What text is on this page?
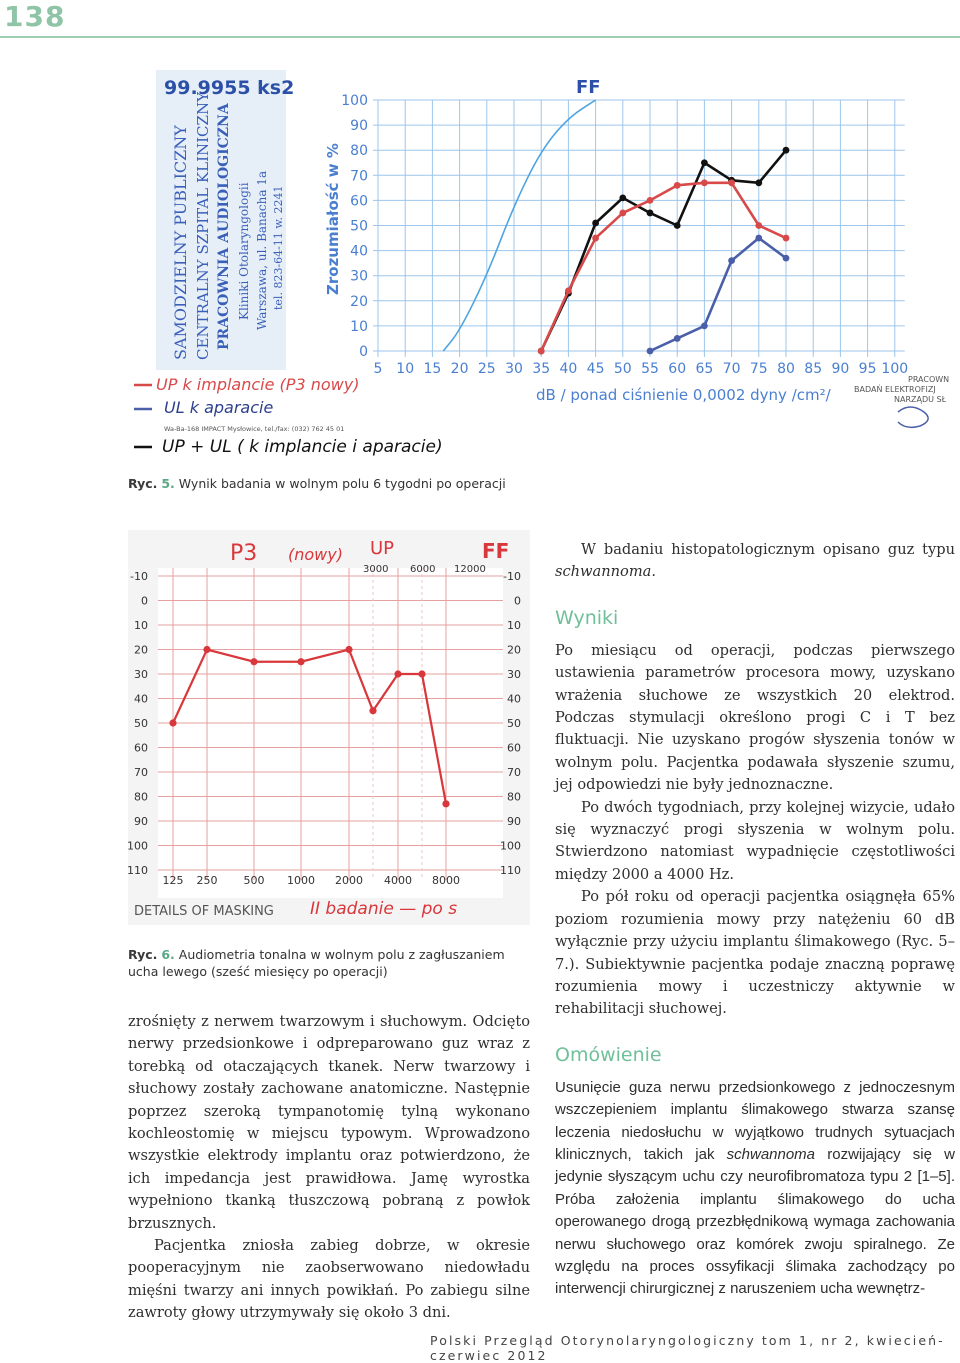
138
99.9955 ks2
SAMODZIELNY PUBLICZNY CENTRALNY SZPITAL KLINICZNY PRACOWNIA AUDIOLOGICZNA Kliniki Otolaryngologii Warszawa, ul. Banacha 1a tel. 823-64-11 w. 2241	Zrozumiałość w %
dB / ponad ciśnienie 0,0002 dyny /cm²/
FF
0
10
20
30
40
50
60
70
80
90
100
5 10 15 20 25 30 35 40 45 50 55 60 65 70 75 80 85 90 95 100
UP k implancie (P3 nowy)
UL k aparacie
Wa-Ba-168 IMPACT Mysłowice, tel./fax: (032) 762 45 01
UP + UL ( k implancie i aparacie)
PRACOWN
BADAŃ ELEKTROFIZJ
NARZĄDU SŁ
Ryc. 5. Wynik badania w wolnym polu 6 tygodni po operacji
-10	-10
0	0
10	10
20	20
30	30
40	40
50	50
60	60
70	70
80	80
90	90
100	100
110	110
125 250 500 1000 2000 4000 8000
P3 (nowy) UP	FF
3000 6000 12000
DETAILS OF MASKING II badanie — po s
Ryc. 6. Audiometria tonalna w wolnym polu z zagłuszaniem ucha lewego (sześć miesięcy po operacji)

zrośnięty z nerwem twarzowym i słuchowym. Odcięto nerwy przedsionkowe i odpreparowano guz wraz z torebką od otaczających tkanek. Nerw twarzowy i słuchowy zostały zachowane anatomiczne. Następnie poprzez szeroką tympanotomię tylną wykonano kochleostomię w miejscu typowym. Wprowadzono wszystkie elektrody implantu oraz potwierdzono, że ich impedancja jest prawidłowa. Jamę wyrostka wypełniono tkanką tłuszczową pobraną z powłok brzusznych.

Pacjentka zniosła zabieg dobrze, w okresie pooperacyjnym nie zaobserwowano niedowładu mięśni twarzy ani innych powikłań. Po zabiegu silne zawroty głowy utrzymywały się około 3 dni.

W badaniu histopatologicznym opisano guz typu schwannoma.

Wyniki

Po miesiącu od operacji, podczas pierwszego ustawienia parametrów procesora mowy, uzyskano wrażenia słuchowe ze wszystkich 20 elektrod. Podczas stymulacji określono progi C i T bez fluktuacji. Nie uzyskano progów słyszenia tonów w wolnym polu. Pacjentka podawała słyszenie szumu, jej odpowiedzi nie były jednoznaczne.

Po dwóch tygodniach, przy kolejnej wizycie, udało się wyznaczyć progi słyszenia w wolnym polu. Stwierdzono natomiast wypadnięcie częstotliwości między 2000 a 4000 Hz.

Po pół roku od operacji pacjentka osiągnęła 65% poziom rozumienia mowy przy natężeniu 60 dB wyłącznie przy użyciu implantu ślimakowego (Ryc. 5–7.). Subiektywnie pacjentka podaje znaczną poprawę rozumienia mowy i uczestniczy aktywnie w rehabilitacji słuchowej.

Omówienie

Usunięcie guza nerwu przedsionkowego z jednoczesnym wszczepieniem implantu ślimakowego stwarza szansę leczenia niedosłuchu w wyjątkowo trudnych sytuacjach klinicznych, takich jak schwannoma rozwijający się w jedynie słyszącym uchu czy neurofibromatoza typu 2 [1–5]. Próba założenia implantu ślimakowego do ucha operowanego drogą przezbłędnikową wymaga zachowania nerwu słuchowego oraz komórek zwoju spiralnego. Ze względu na proces ossyfikacji ślimaka zachodzący po interwencji chirurgicznej z naruszeniem ucha wewnętrz-

Polski Przegląd Otorynolaryngologiczny tom 1, nr 2, kwiecień-czerwiec 2012
